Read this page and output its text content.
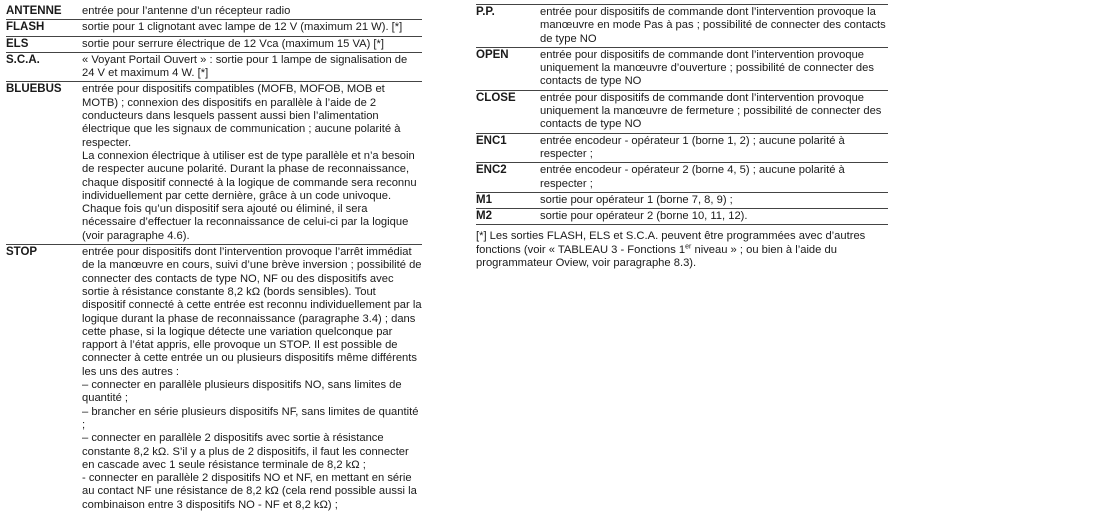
ANTENNE	entrée pour l’antenne d’un récepteur radio

FLASH	sortie pour 1 clignotant avec lampe de 12 V (maximum 21 W). [*]

ELS	sortie pour serrure électrique de 12 Vca (maximum 15 VA) [*]

S.C.A.	« Voyant Portail Ouvert » : sortie pour 1 lampe de signalisation de 24 V et maximum 4 W. [*]

BLUEBUS	entrée pour dispositifs compatibles (MOFB, MOFOB, MOB et MOTB) ; connexion des dispositifs en parallèle à l’aide de 2 conducteurs dans lesquels passent aussi bien l’alimentation électrique que les signaux de communication ; aucune polarité à respecter.

La connexion électrique à utiliser est de type parallèle et n’a besoin de respecter aucune polarité. Durant la phase de reconnaissance, chaque dispositif connecté à la logique de commande sera reconnu individuellement par cette dernière, grâce à un code univoque. Chaque fois qu’un dispositif sera ajouté ou éliminé, il sera nécessaire d’effectuer la reconnaissance de celui-ci par la logique (voir paragraphe 4.6).

STOP	entrée pour dispositifs dont l’intervention provoque l’arrêt immédiat de la manœuvre en cours, suivi d’une brève inversion ; possibilité de connecter des contacts de type NO, NF ou des dispositifs avec sortie à résistance constante 8,2 kΩ (bords sensibles). Tout dispositif connecté à cette entrée est reconnu individuellement par la logique durant la phase de reconnaissance (paragraphe 3.4) ; dans cette phase, si la logique détecte une variation quelconque par rapport à l’état appris, elle provoque un STOP. Il est possible de connecter à cette entrée un ou plusieurs dispositifs même différents les uns des autres :

– connecter en parallèle plusieurs dispositifs NO, sans limites de quantité ;

– brancher en série plusieurs dispositifs NF, sans limites de quantité ;

– connecter en parallèle 2 dispositifs avec sortie à résistance constante 8,2 kΩ. S’il y a plus de 2 dispositifs, il faut les connecter en cascade avec 1 seule résistance terminale de 8,2 kΩ ;

- connecter en parallèle 2 dispositifs NO et NF, en mettant en série au contact NF une résistance de 8,2 kΩ (cela rend possible aussi la combinaison entre 3 dispositifs NO - NF et 8,2 kΩ) ;

P.P.	entrée pour dispositifs de commande dont l’intervention provoque la manœuvre en mode Pas à pas ; possibilité de connecter des contacts de type NO

OPEN	entrée pour dispositifs de commande dont l’intervention provoque uniquement la manœuvre d’ouverture ; possibilité de connecter des contacts de type NO

CLOSE	entrée pour dispositifs de commande dont l’intervention provoque uniquement la manœuvre de fermeture ; possibilité de connecter des contacts de type NO

ENC1	entrée encodeur - opérateur 1 (borne 1, 2) ; aucune polarité à respecter ;

ENC2	entrée encodeur - opérateur 2 (borne 4, 5) ; aucune polarité à respecter ;

M1	sortie pour opérateur 1 (borne 7, 8, 9) ;

M2	sortie pour opérateur 2 (borne 10, 11, 12).

[*] Les sorties FLASH, ELS et S.C.A. peuvent être programmées avec d’autres fonctions (voir « TABLEAU 3 - Fonctions 1er niveau » ; ou bien à l’aide du programmateur Oview, voir paragraphe 8.3).
